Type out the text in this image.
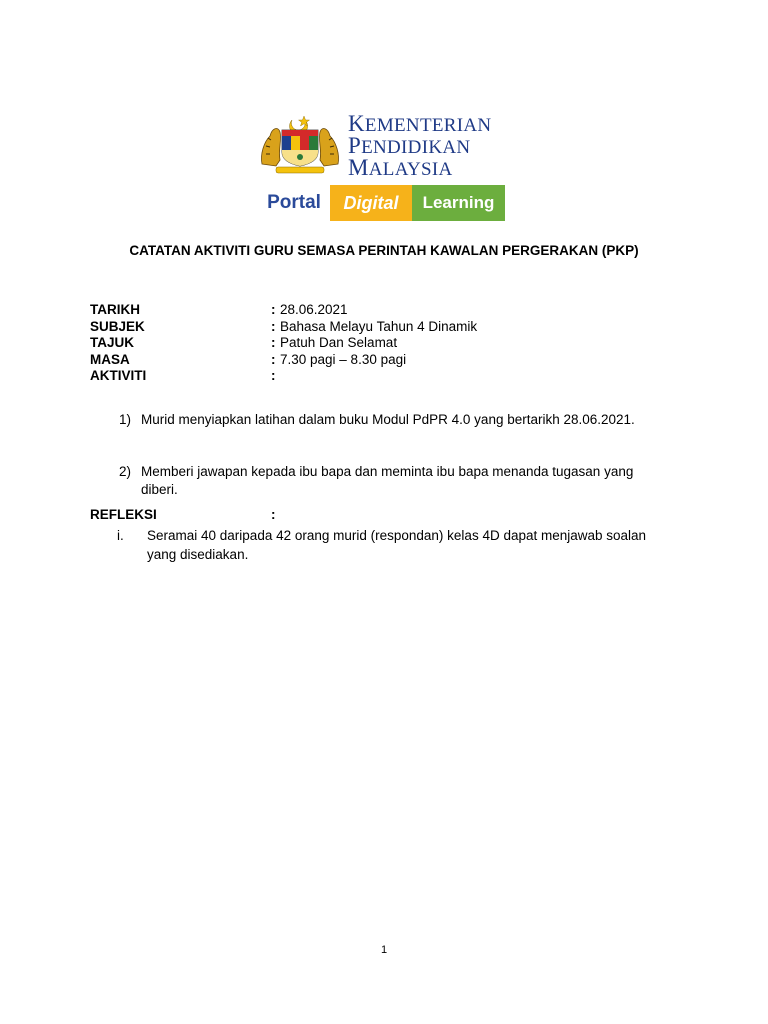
KEMENTERIAN
PENDIDIKAN
MALAYSIA
Portal	Digital	Learning
CATATAN AKTIVITI GURU SEMASA PERINTAH KAWALAN PERGERAKAN (PKP)
TARIKH	: 28.06.2021
SUBJEK	: Bahasa Melayu Tahun 4 Dinamik
TAJUK	: Patuh Dan Selamat
MASA	: 7.30 pagi – 8.30 pagi
AKTIVITI	:
1) Murid menyiapkan latihan dalam buku Modul PdPR 4.0 yang bertarikh 28.06.2021.
2) Memberi jawapan kepada ibu bapa dan meminta ibu bapa menanda tugasan yang diberi.
REFLEKSI	:
i. Seramai 40 daripada 42 orang murid (respondan) kelas 4D dapat menjawab soalan yang disediakan.
1
